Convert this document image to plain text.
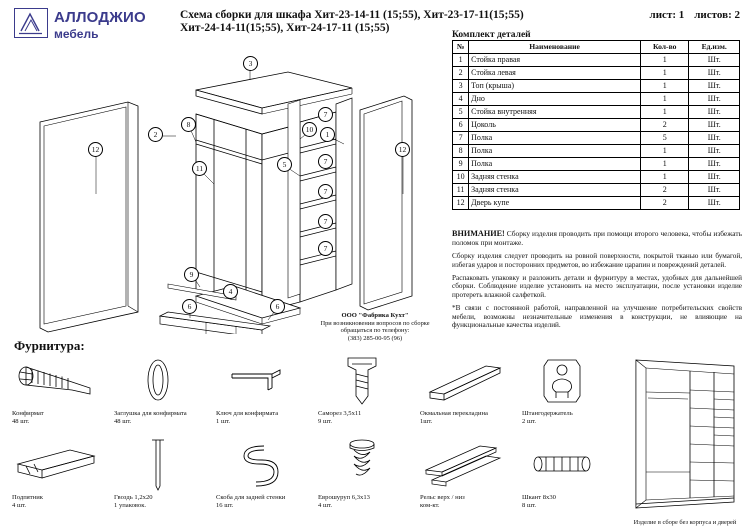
АЛЛОДЖИО
мебель
Схема сборки для шкафа Хит-23-14-11 (15;55), Хит-23-17-11(15;55)
Хит-24-14-11(15;55), Хит-24-17-11 (15;55)
лист: 1 листов: 2
Комплект деталей
№	Наименование	Кол-во	Ед.изм.
1	Стойка правая	1	Шт.
2	Стойка левая	1	Шт.
3	Топ (крыша)	1	Шт.
4	Дно	1	Шт.
5	Стойка внутренняя	1	Шт.
6	Цоколь	2	Шт.
7	Полка	5	Шт.
8	Полка	1	Шт.
9	Полка	1	Шт.
10	Задняя стенка	1	Шт.
11	Задняя стенка	2	Шт.
12	Дверь купе	2	Шт.

ВНИМАНИЕ! Сборку изделия проводить при помощи второго человека, чтобы избежать поломок при монтаже.

Сборку изделия следует проводить на ровной поверхности, покрытой тканью или бумагой, избегая ударов и посторонних предметов, во избежание царапин и повреждений деталей.

Распаковать упаковку и разложить детали и фурнитуру в местах, удобных для дальнейшей сборки. Соблюдение изделие установить на место эксплуатации, после установки изделие протереть влажной салфеткой.

*В связи с постоянной работой, направленной на улучшение потребительских свойств мебели, возможны незначительные изменения в конструкции, не влияющие на функциональные качества изделий.

3
12
2
8
11
10
1
7
7
7
7
7
5
12
9
4
6	6
ООО "Фабрика Кухт"
При возникновении вопросов по сборке
обращаться по телефону:
(383) 285-00-95 (96)
Фурнитура:
Конфирмат
48 шт.
Заглушка для конфирмата
48 шт.
Ключ для конфирмата
1 шт.
Саморез 3,5х11
9 шт.
Окмальная перекладина
1шт.
Штангодержатель
2 шт.
Подпятник
4 шт.
Гвоздь 1,2х20
1 упаковок.
Скоба для задней стенки
16 шт.
Еврошуруп 6,3х13
4 шт.
Рельс верх / низ
ком-кт.
Шкант 8х30
8 шт.
Изделие в сборе без корпуса и дверей
